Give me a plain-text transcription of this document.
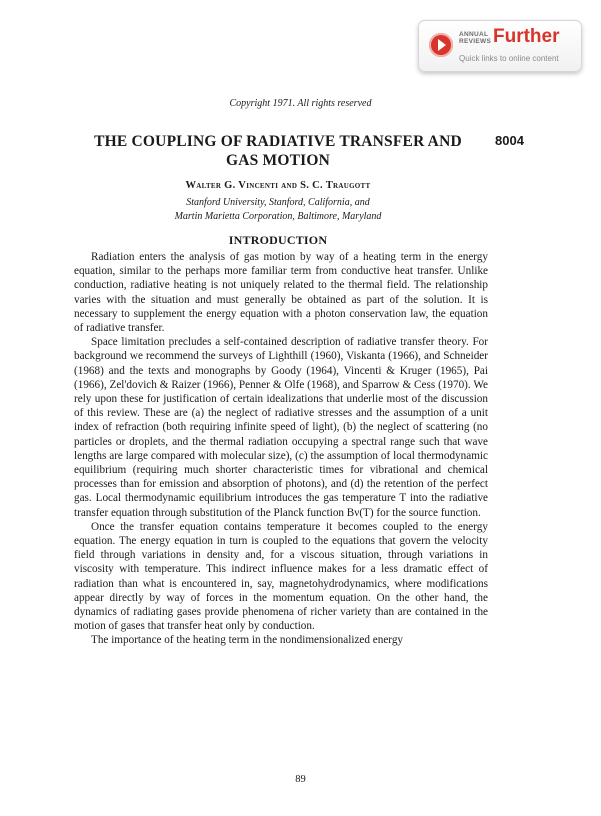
ANNUAL
REVIEWS Further
Quick links to online content
Copyright 1971. All rights reserved
8004
THE COUPLING OF RADIATIVE TRANSFER AND GAS MOTION
Walter G. Vincenti and S. C. Traugott
Stanford University, Stanford, California, and
Martin Marietta Corporation, Baltimore, Maryland
INTRODUCTION

Radiation enters the analysis of gas motion by way of a heating term in the energy equation, similar to the perhaps more familiar term from conductive heat transfer. Unlike conduction, radiative heating is not uniquely related to the thermal field. The relationship varies with the situation and must generally be obtained as part of the solution. It is necessary to supplement the energy equation with a photon conservation law, the equation of radiative transfer.

Space limitation precludes a self-contained description of radiative transfer theory. For background we recommend the surveys of Lighthill (1960), Viskanta (1966), and Schneider (1968) and the texts and monographs by Goody (1964), Vincenti & Kruger (1965), Pai (1966), Zel'dovich & Raizer (1966), Penner & Olfe (1968), and Sparrow & Cess (1970). We rely upon these for justification of certain idealizations that underlie most of the discussion of this review. These are (a) the neglect of radiative stresses and the assumption of a unit index of refraction (both requiring infinite speed of light), (b) the neglect of scattering (no particles or droplets, and the thermal radiation occupying a spectral range such that wave lengths are large compared with molecular size), (c) the assumption of local thermodynamic equilibrium (requiring much shorter characteristic times for vibrational and chemical processes than for emission and absorption of photons), and (d) the retention of the perfect gas. Local thermodynamic equilibrium introduces the gas temperature T into the radiative transfer equation through substitution of the Planck function Bν(T) for the source function.

Once the transfer equation contains temperature it becomes coupled to the energy equation. The energy equation in turn is coupled to the equations that govern the velocity field through variations in density and, for a viscous situation, through variations in viscosity with temperature. This indirect influence makes for a less dramatic effect of radiation than what is encountered in, say, magnetohydrodynamics, where modifications appear directly by way of forces in the momentum equation. On the other hand, the dynamics of radiating gases provide phenomena of richer variety than are contained in the motion of gases that transfer heat only by conduction.

The importance of the heating term in the nondimensionalized energy

89
